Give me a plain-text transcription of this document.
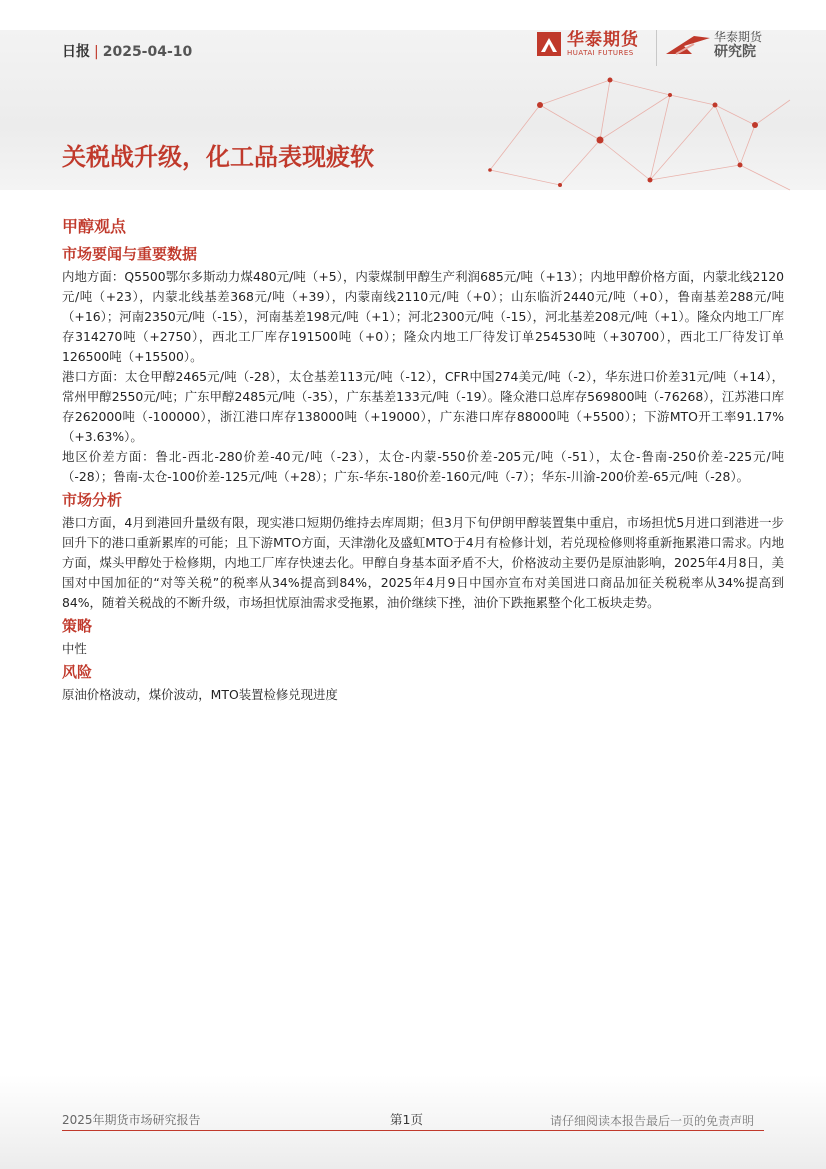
日报 | 2025-04-10
华泰期货
HUATAI FUTURES
华泰期货
研究院
关税战升级，化工品表现疲软
甲醇观点
市场要闻与重要数据

内地方面：Q5500鄂尔多斯动力煤480元/吨（+5），内蒙煤制甲醇生产利润685元/吨（+13）；内地甲醇价格方面，内蒙北线2120元/吨（+23），内蒙北线基差368元/吨（+39），内蒙南线2110元/吨（+0）；山东临沂2440元/吨（+0），鲁南基差288元/吨（+16）；河南2350元/吨（-15），河南基差198元/吨（+1）；河北2300元/吨（-15），河北基差208元/吨（+1）。隆众内地工厂库存314270吨（+2750），西北工厂库存191500吨（+0）；隆众内地工厂待发订单254530吨（+30700），西北工厂待发订单126500吨（+15500）。

港口方面：太仓甲醇2465元/吨（-28），太仓基差113元/吨（-12），CFR中国274美元/吨（-2），华东进口价差31元/吨（+14），常州甲醇2550元/吨；广东甲醇2485元/吨（-35），广东基差133元/吨（-19）。隆众港口总库存569800吨（-76268），江苏港口库存262000吨（-100000），浙江港口库存138000吨（+19000），广东港口库存88000吨（+5500）；下游MTO开工率91.17%（+3.63%）。

地区价差方面：鲁北-西北-280价差-40元/吨（-23），太仓-内蒙-550价差-205元/吨（-51），太仓-鲁南-250价差-225元/吨（-28）；鲁南-太仓-100价差-125元/吨（+28）；广东-华东-180价差-160元/吨（-7）；华东-川渝-200价差-65元/吨（-28）。

市场分析

港口方面，4月到港回升量级有限，现实港口短期仍维持去库周期；但3月下旬伊朗甲醇装置集中重启，市场担忧5月进口到港进一步回升下的港口重新累库的可能；且下游MTO方面，天津渤化及盛虹MTO于4月有检修计划，若兑现检修则将重新拖累港口需求。内地方面，煤头甲醇处于检修期，内地工厂库存快速去化。甲醇自身基本面矛盾不大，价格波动主要仍是原油影响，2025年4月8日，美国对中国加征的“对等关税”的税率从34%提高到84%，2025年4月9日中国亦宣布对美国进口商品加征关税税率从34%提高到84%，随着关税战的不断升级，市场担忧原油需求受拖累，油价继续下挫，油价下跌拖累整个化工板块走势。

策略

中性

风险

原油价格波动，煤价波动，MTO装置检修兑现进度

2025年期货市场研究报告	第1页	请仔细阅读本报告最后一页的免责声明
